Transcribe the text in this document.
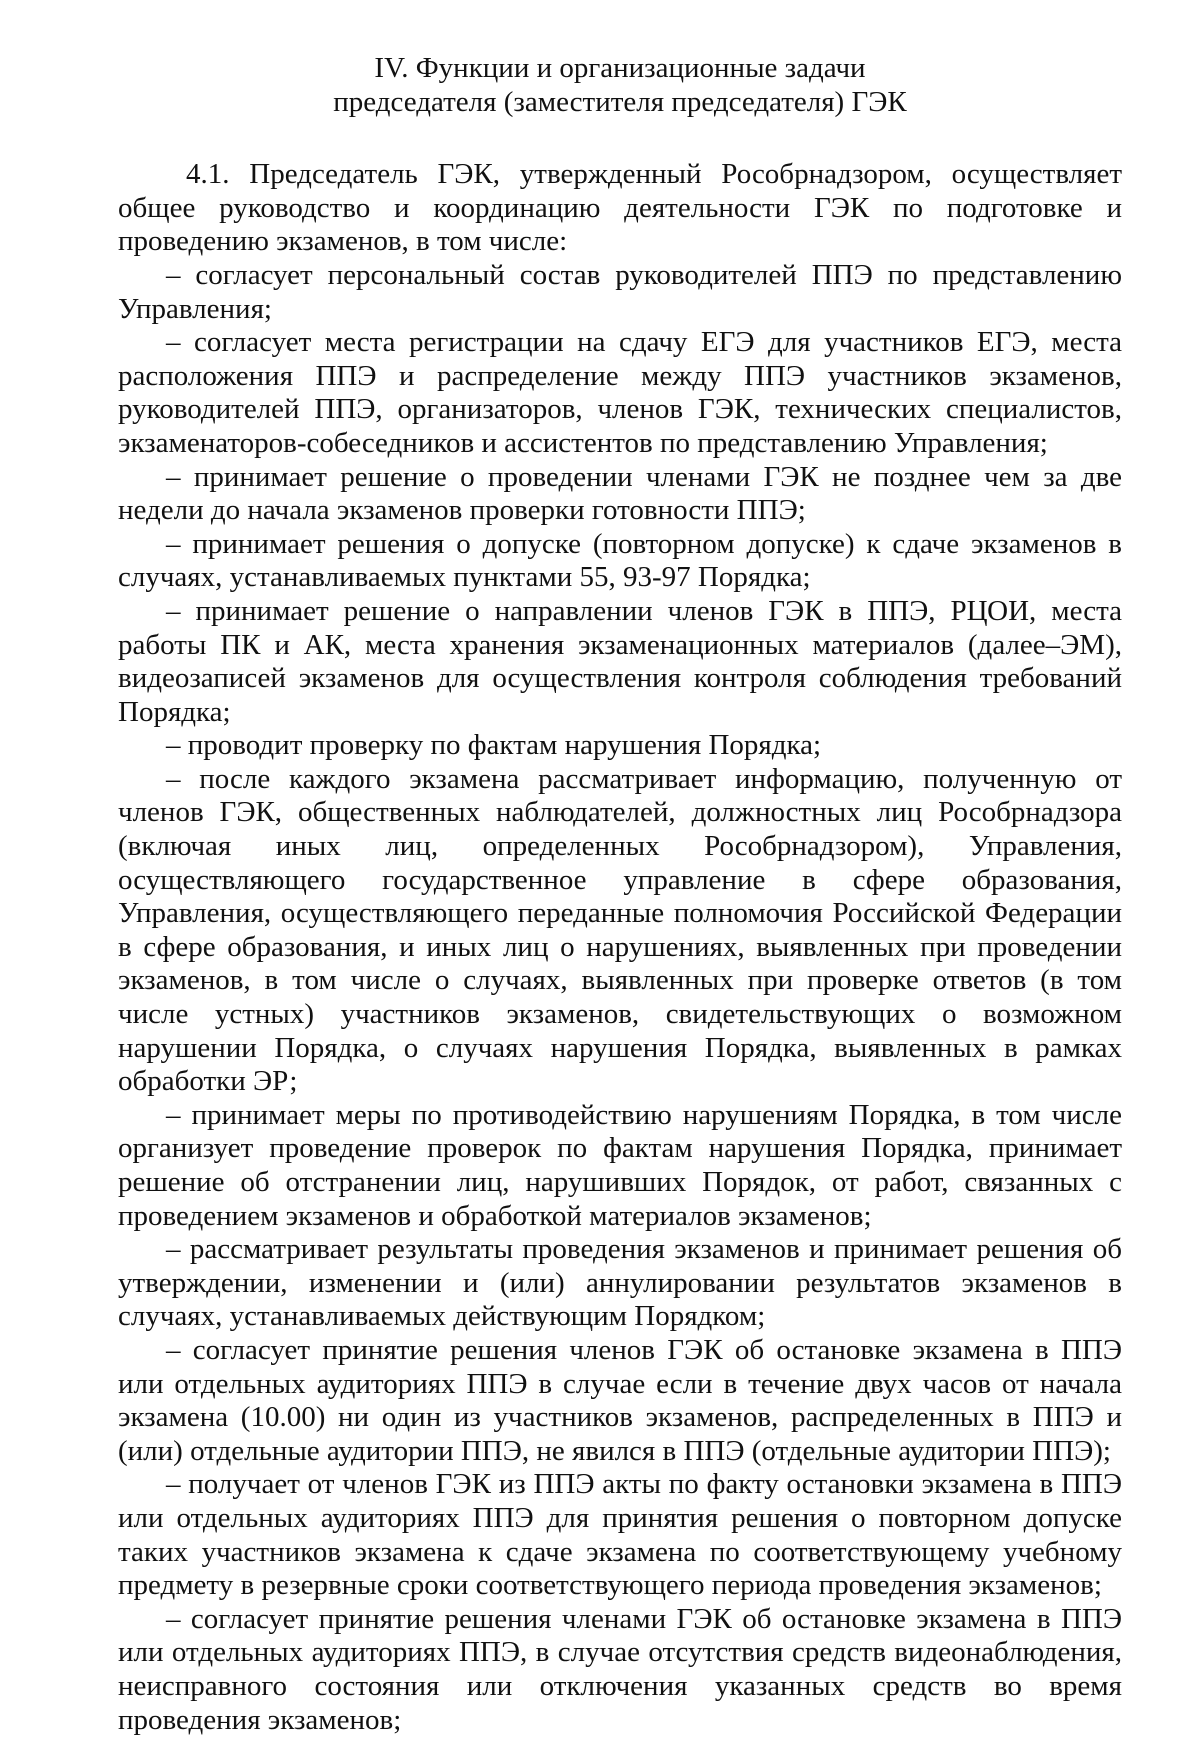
IV. Функции и организационные задачи
председателя (заместителя председателя) ГЭК

4.1. Председатель ГЭК, утвержденный Рособрнадзором, осуществляет общее руководство и координацию деятельности ГЭК по подготовке и проведению экзаменов, в том числе:

– согласует персональный состав руководителей ППЭ по представлению Управления;

– согласует места регистрации на сдачу ЕГЭ для участников ЕГЭ, места расположения ППЭ и распределение между ППЭ участников экзаменов, руководителей ППЭ, организаторов, членов ГЭК, технических специалистов, экзаменаторов-собеседников и ассистентов по представлению Управления;

– принимает решение о проведении членами ГЭК не позднее чем за две недели до начала экзаменов проверки готовности ППЭ;

– принимает решения о допуске (повторном допуске) к сдаче экзаменов в случаях, устанавливаемых пунктами 55, 93-97 Порядка;

– принимает решение о направлении членов ГЭК в ППЭ, РЦОИ, места работы ПК и АК, места хранения экзаменационных материалов (далее–ЭМ), видеозаписей экзаменов для осуществления контроля соблюдения требований Порядка;

– проводит проверку по фактам нарушения Порядка;

– после каждого экзамена рассматривает информацию, полученную от членов ГЭК, общественных наблюдателей, должностных лиц Рособрнадзора (включая иных лиц, определенных Рособрнадзором), Управления, осуществляющего государственное управление в сфере образования, Управления, осуществляющего переданные полномочия Российской Федерации в сфере образования, и иных лиц о нарушениях, выявленных при проведении экзаменов, в том числе о случаях, выявленных при проверке ответов (в том числе устных) участников экзаменов, свидетельствующих о возможном нарушении Порядка, о случаях нарушения Порядка, выявленных в рамках обработки ЭР;

– принимает меры по противодействию нарушениям Порядка, в том числе организует проведение проверок по фактам нарушения Порядка, принимает решение об отстранении лиц, нарушивших Порядок, от работ, связанных с проведением экзаменов и обработкой материалов экзаменов;

– рассматривает результаты проведения экзаменов и принимает решения об утверждении, изменении и (или) аннулировании результатов экзаменов в случаях, устанавливаемых действующим Порядком;

– согласует принятие решения членов ГЭК об остановке экзамена в ППЭ или отдельных аудиториях ППЭ в случае если в течение двух часов от начала экзамена (10.00) ни один из участников экзаменов, распределенных в ППЭ и (или) отдельные аудитории ППЭ, не явился в ППЭ (отдельные аудитории ППЭ);

– получает от членов ГЭК из ППЭ акты по факту остановки экзамена в ППЭ или отдельных аудиториях ППЭ для принятия решения о повторном допуске таких участников экзамена к сдаче экзамена по соответствующему учебному предмету в резервные сроки соответствующего периода проведения экзаменов;

– согласует принятие решения членами ГЭК об остановке экзамена в ППЭ или отдельных аудиториях ППЭ, в случае отсутствия средств видеонаблюдения, неисправного состояния или отключения указанных средств во время проведения экзаменов;
